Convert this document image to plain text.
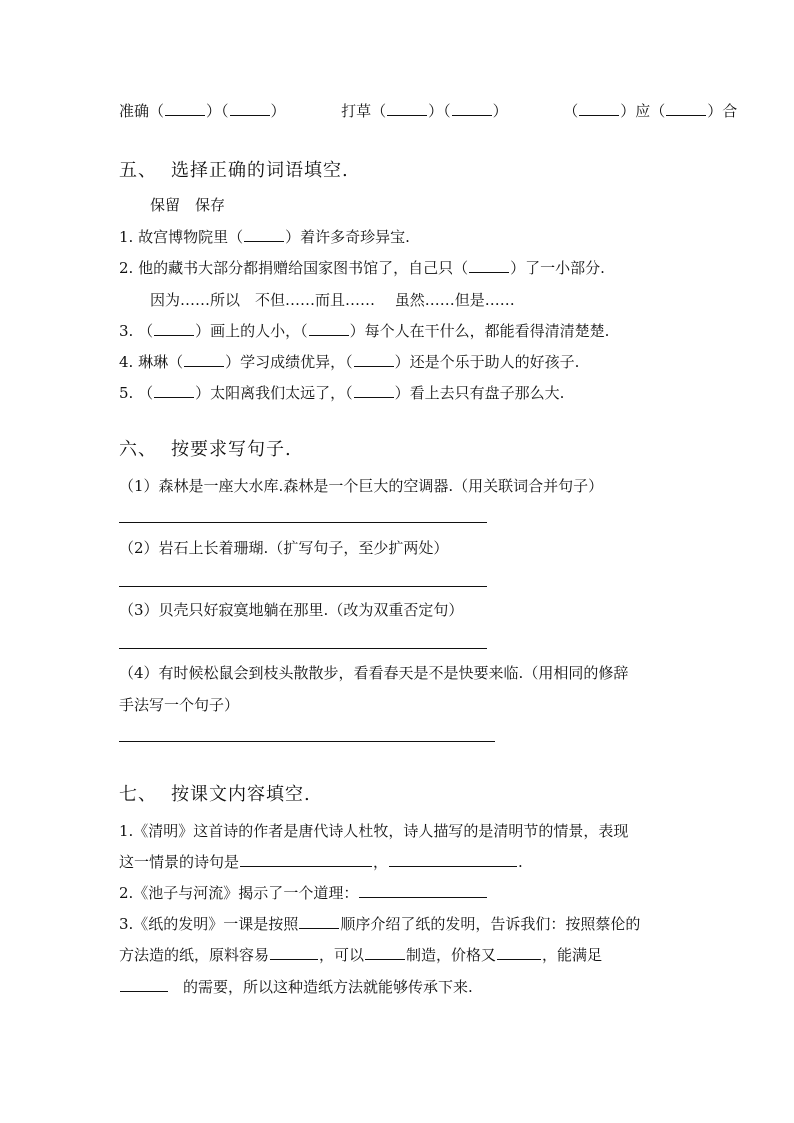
准确（	）（	）	打草（	）（	）	（	）应（	）合
五、 选择正确的词语填空.
保留　保存
1. 故宫博物院里（	）着许多奇珍异宝.
2. 他的藏书大部分都捐赠给国家图书馆了，自己只（	）了一小部分.
因为……所以　不但……而且……　 虽然……但是……
3. （	）画上的人小，（	）每个人在干什么，都能看得清清楚楚.
4. 琳琳（	）学习成绩优异，（	）还是个乐于助人的好孩子.
5. （	）太阳离我们太远了，（	）看上去只有盘子那么大.
六、 按要求写句子.
（1）森林是一座大水库.森林是一个巨大的空调器.（用关联词合并句子）
（2）岩石上长着珊瑚.（扩写句子，至少扩两处）
（3）贝壳只好寂寞地躺在那里.（改为双重否定句）
（4）有时候松鼠会到枝头散散步，看看春天是不是快要来临.（用相同的修辞
手法写一个句子）
七、 按课文内容填空.
1.《清明》这首诗的作者是唐代诗人杜牧，诗人描写的是清明节的情景，表现
这一情景的诗句是	，	.
2.《池子与河流》揭示了一个道理：
3.《纸的发明》一课是按照	顺序介绍了纸的发明，告诉我们：按照蔡伦的
方法造的纸，原料容易	，可以	制造，价格又	，能满足
的需要，所以这种造纸方法就能够传承下来.
